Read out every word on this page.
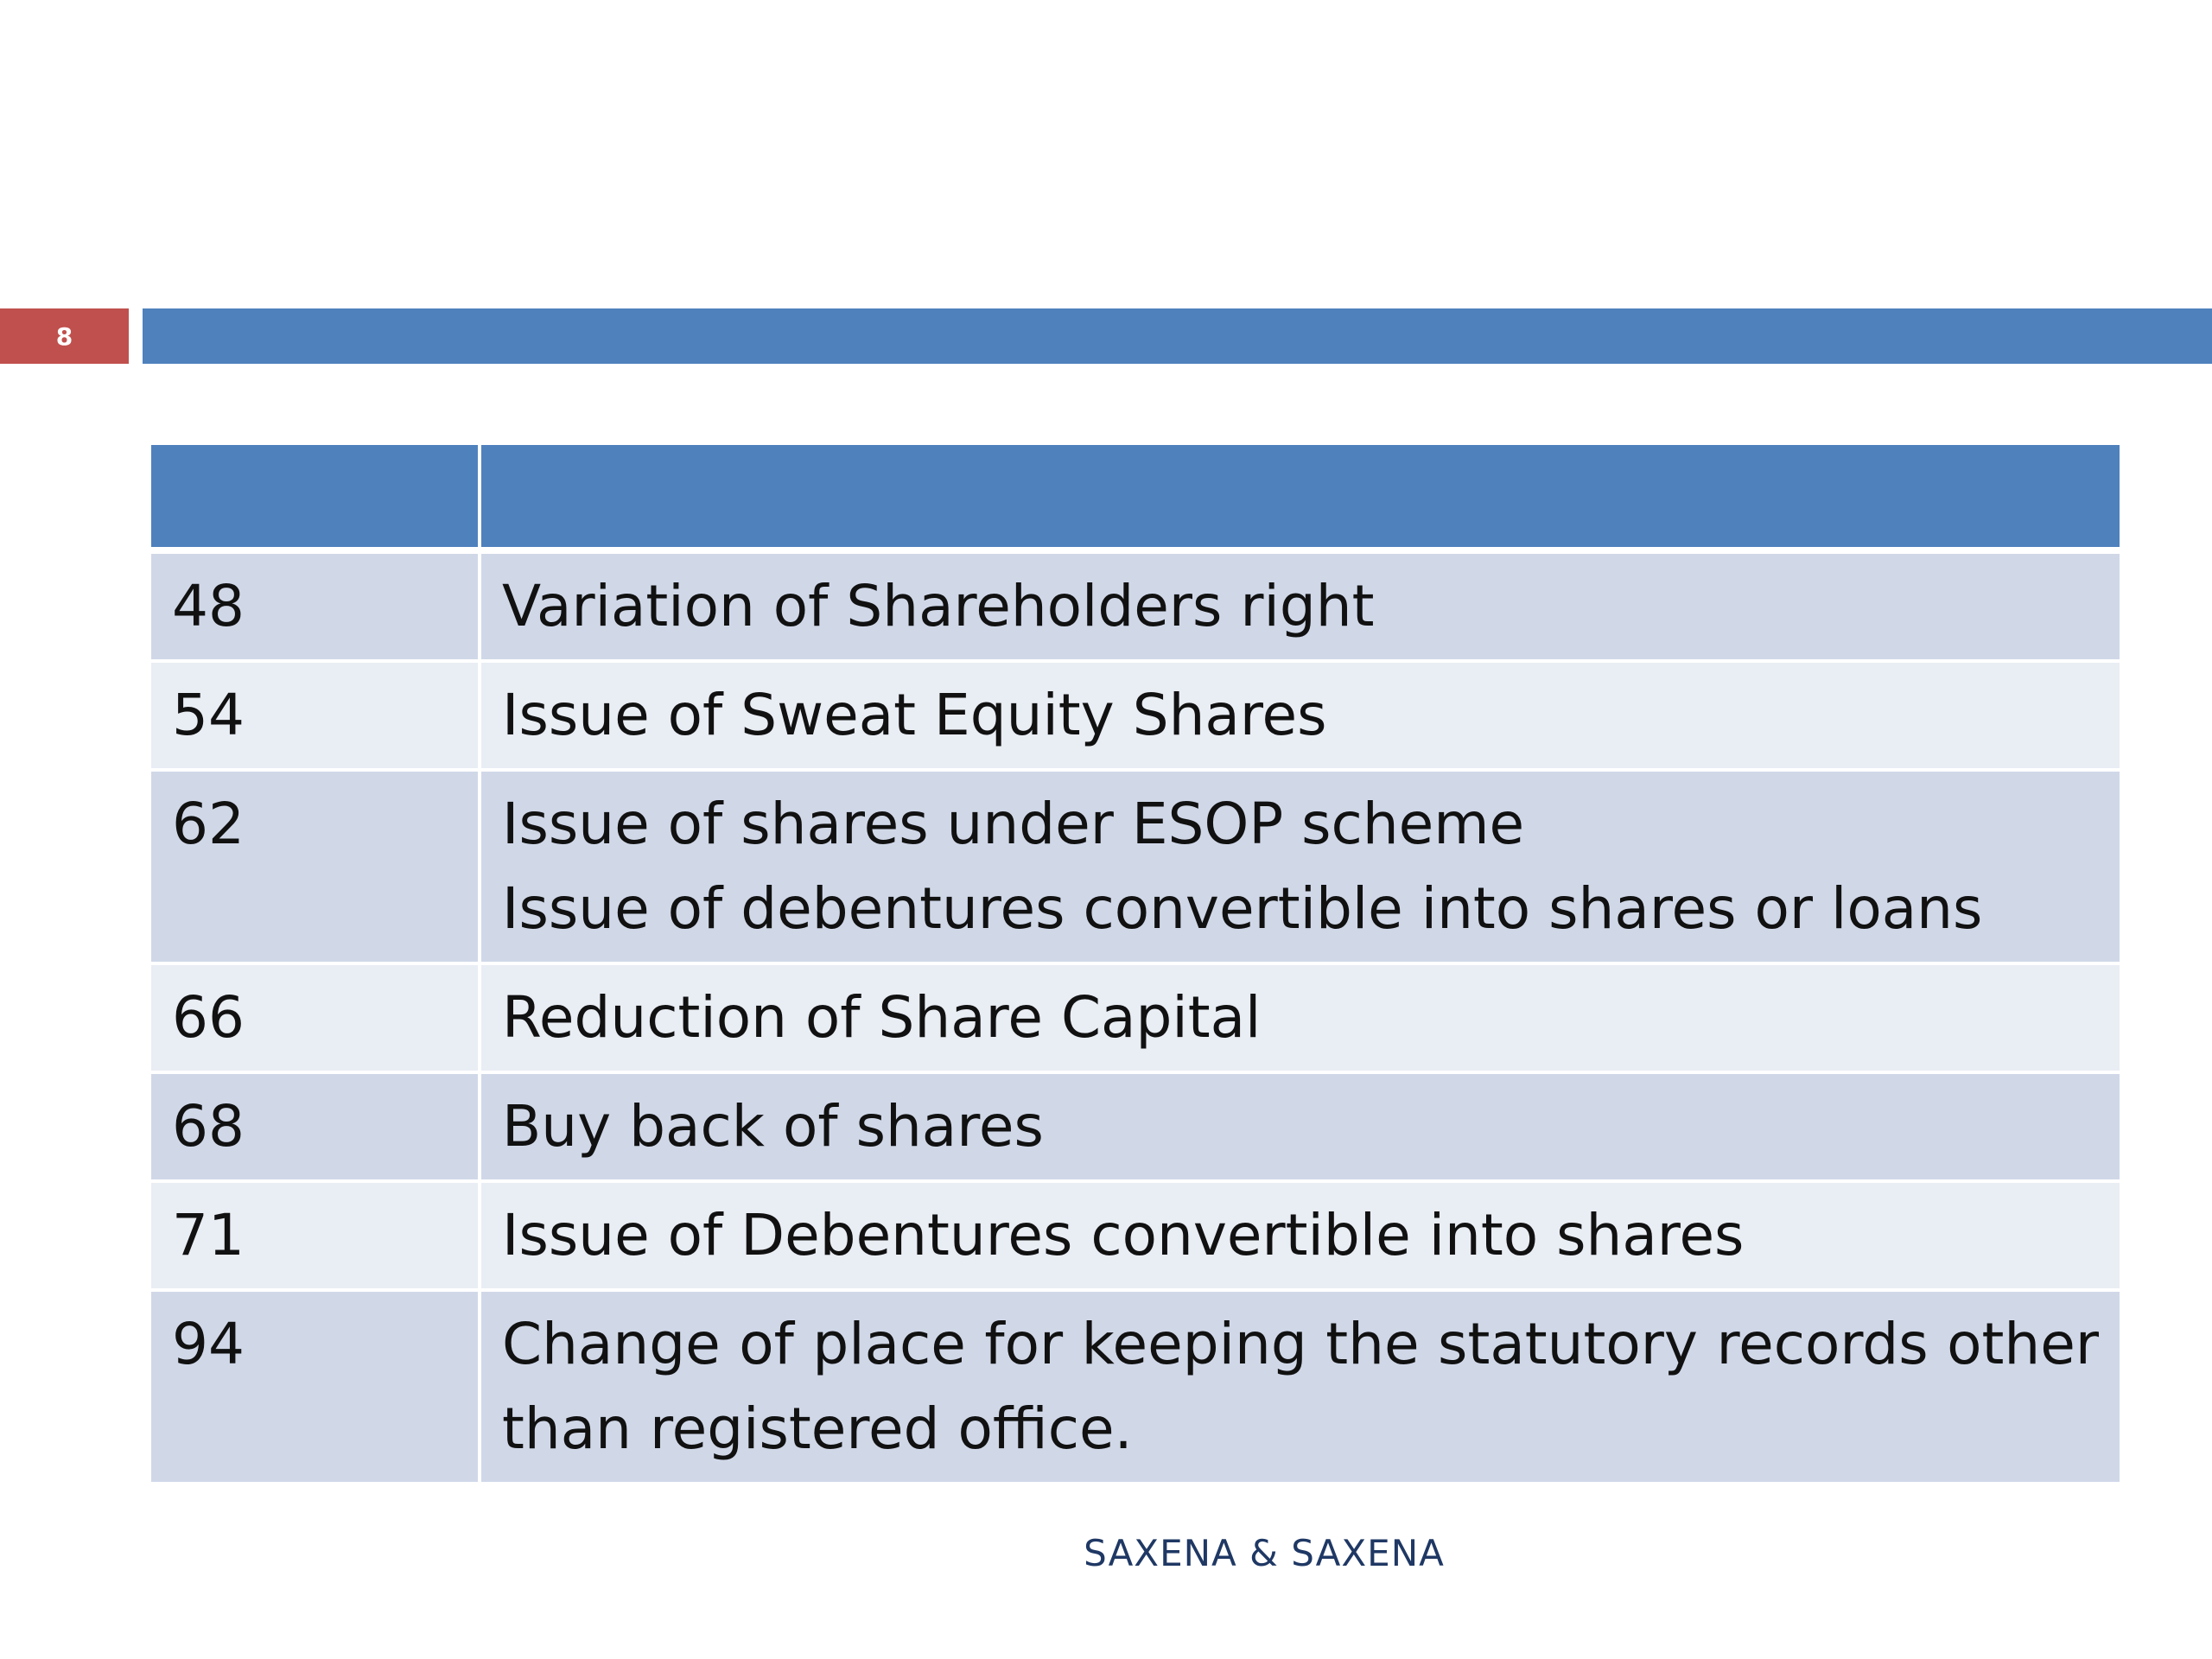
8

48	Variation of Shareholders right

54	Issue of Sweat Equity Shares

62	Issue of shares under ESOP scheme
Issue of debentures convertible into shares or loans

66	Reduction of Share Capital

68	Buy back of shares

71	Issue of Debentures convertible into shares

94	Change of place for keeping the statutory records other than registered office.
SAXENA & SAXENA
